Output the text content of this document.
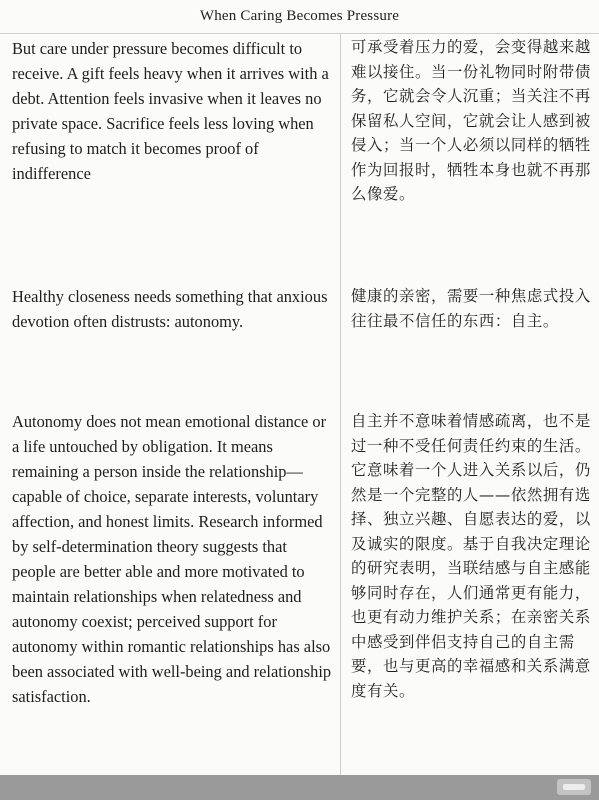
When Caring Becomes Pressure

But care under pressure becomes difficult to receive. A gift feels heavy when it arrives with a debt. Attention feels invasive when it leaves no private space. Sacrifice feels less loving when refusing to match it becomes proof of indifference

可承受着压力的爱，会变得越来越难以接住。当一份礼物同时附带债务，它就会令人沉重；当关注不再保留私人空间，它就会让人感到被侵入；当一个人必须以同样的牺牲作为回报时，牺牲本身也就不再那么像爱。

Healthy closeness needs something that anxious devotion often distrusts: autonomy.

健康的亲密，需要一种焦虑式投入往往最不信任的东西：自主。

Autonomy does not mean emotional distance or a life untouched by obligation. It means remaining a person inside the relationship—capable of choice, separate interests, voluntary affection, and honest limits. Research informed by self-determination theory suggests that people are better able and more motivated to maintain relationships when relatedness and autonomy coexist; perceived support for autonomy within romantic relationships has also been associated with well-being and relationship satisfaction.

自主并不意味着情感疏离，也不是过一种不受任何责任约束的生活。它意味着一个人进入关系以后，仍然是一个完整的人——依然拥有选择、独立兴趣、自愿表达的爱，以及诚实的限度。基于自我决定理论的研究表明，当联结感与自主感能够同时存在，人们通常更有能力，也更有动力维护关系；在亲密关系中感受到伴侣支持自己的自主需要，也与更高的幸福感和关系满意度有关。
